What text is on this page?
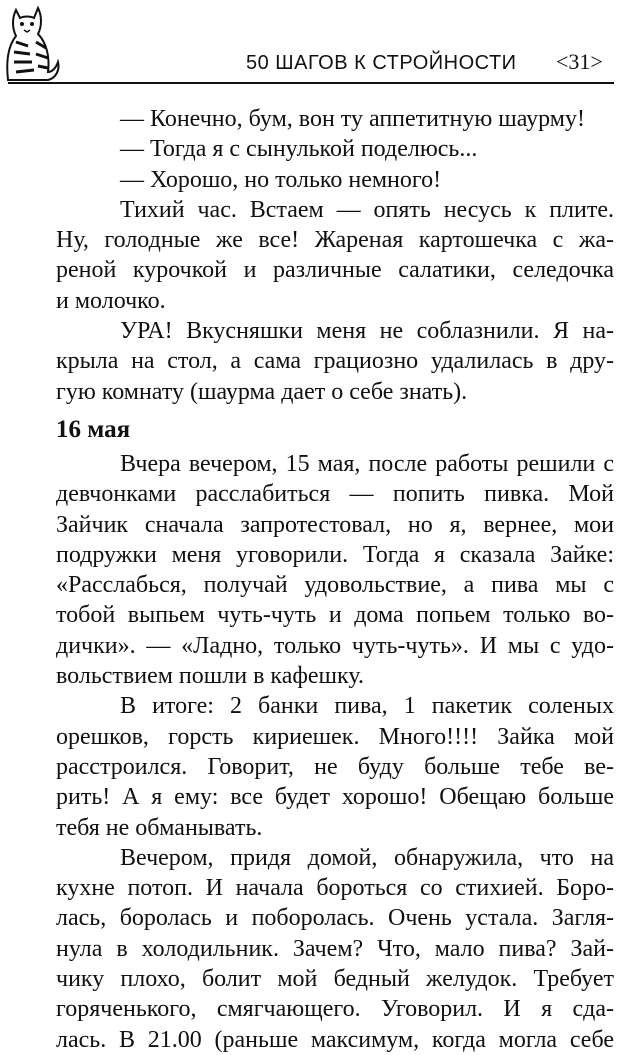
50 ШАГОВ К СТРОЙНОСТИ <31>
— Конечно, бум, вон ту аппетитную шаурму!
— Тогда я с сынулькой поделюсь...
— Хорошо, но только немного!
Тихий час. Встаем — опять несусь к плите.
Ну, голодные же все! Жареная картошечка с жа-
реной курочкой и различные салатики, селедочка
и молочко.
УРА! Вкусняшки меня не соблазнили. Я на-
крыла на стол, а сама грациозно удалилась в дру-
гую комнату (шаурма дает о себе знать).
16 мая
Вчера вечером, 15 мая, после работы решили с
девчонками расслабиться — попить пивка. Мой
Зайчик сначала запротестовал, но я, вернее, мои
подружки меня уговорили. Тогда я сказала Зайке:
«Расслабься, получай удовольствие, а пива мы с
тобой выпьем чуть-чуть и дома попьем только во-
дички». — «Ладно, только чуть-чуть». И мы с удо-
вольствием пошли в кафешку.
В итоге: 2 банки пива, 1 пакетик соленых
орешков, горсть кириешек. Много!!!! Зайка мой
расстроился. Говорит, не буду больше тебе ве-
рить! А я ему: все будет хорошо! Обещаю больше
тебя не обманывать.
Вечером, придя домой, обнаружила, что на
кухне потоп. И начала бороться со стихией. Боро-
лась, боролась и поборолась. Очень устала. Загля-
нула в холодильник. Зачем? Что, мало пива? Зай-
чику плохо, болит мой бедный желудок. Требует
горяченького, смягчающего. Уговорил. И я сда-
лась. В 21.00 (раньше максимум, когда могла себе
